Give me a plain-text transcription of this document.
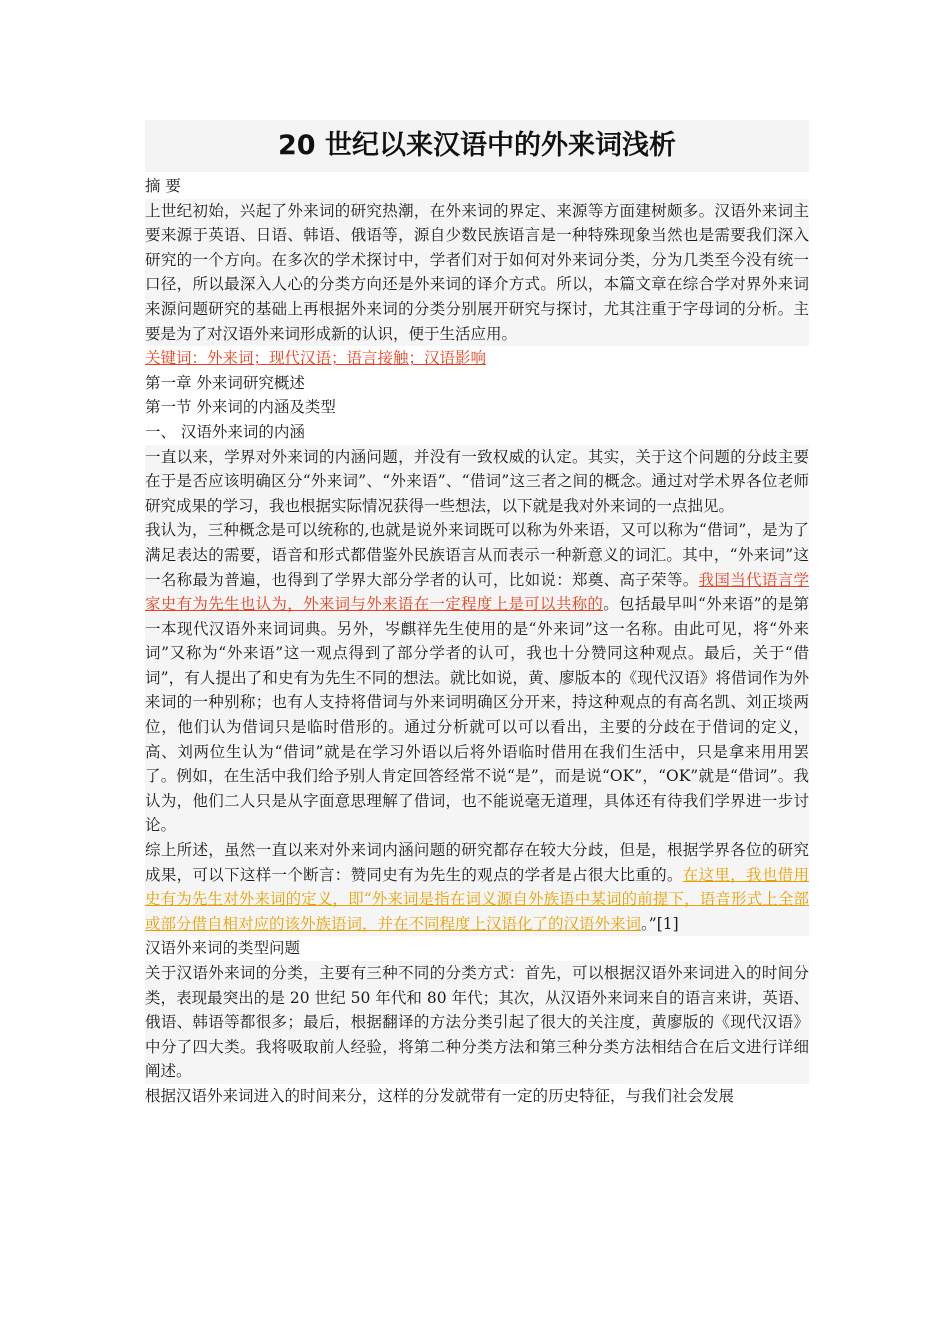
20 世纪以来汉语中的外来词浅析

摘 要

上世纪初始，兴起了外来词的研究热潮，在外来词的界定、来源等方面建树颇多。汉语外来词主要来源于英语、日语、韩语、俄语等，源自少数民族语言是一种特殊现象当然也是需要我们深入研究的一个方向。在多次的学术探讨中，学者们对于如何对外来词分类，分为几类至今没有统一口径，所以最深入人心的分类方向还是外来词的译介方式。所以，本篇文章在综合学对界外来词来源问题研究的基础上再根据外来词的分类分别展开研究与探讨，尤其注重于字母词的分析。主要是为了对汉语外来词形成新的认识，便于生活应用。

关键词：外来词；现代汉语；语言接触；汉语影响

第一章 外来词研究概述

第一节 外来词的内涵及类型

一、 汉语外来词的内涵

一直以来，学界对外来词的内涵问题，并没有一致权威的认定。其实，关于这个问题的分歧主要在于是否应该明确区分“外来词”、“外来语”、“借词”这三者之间的概念。通过对学术界各位老师研究成果的学习，我也根据实际情况获得一些想法，以下就是我对外来词的一点拙见。

我认为，三种概念是可以统称的,也就是说外来词既可以称为外来语，又可以称为“借词”，是为了满足表达的需要，语音和形式都借鉴外民族语言从而表示一种新意义的词汇。其中，“外来词”这一名称最为普遍，也得到了学界大部分学者的认可，比如说：郑奠、高子荣等。我国当代语言学家史有为先生也认为，外来词与外来语在一定程度上是可以共称的。包括最早叫“外来语”的是第一本现代汉语外来词词典。另外，岑麒祥先生使用的是“外来词”这一名称。由此可见，将“外来词”又称为“外来语”这一观点得到了部分学者的认可，我也十分赞同这种观点。最后，关于“借词”，有人提出了和史有为先生不同的想法。就比如说，黄、廖版本的《现代汉语》将借词作为外来词的一种别称；也有人支持将借词与外来词明确区分开来，持这种观点的有高名凯、刘正埮两位，他们认为借词只是临时借形的。通过分析就可以可以看出，主要的分歧在于借词的定义，高、刘两位生认为“借词”就是在学习外语以后将外语临时借用在我们生活中，只是拿来用用罢了。例如，在生活中我们给予别人肯定回答经常不说“是”，而是说“OK”，“OK”就是“借词”。我认为，他们二人只是从字面意思理解了借词，也不能说毫无道理，具体还有待我们学界进一步讨论。

综上所述，虽然一直以来对外来词内涵问题的研究都存在较大分歧，但是，根据学界各位的研究成果，可以下这样一个断言：赞同史有为先生的观点的学者是占很大比重的。在这里，我也借用史有为先生对外来词的定义，即“外来词是指在词义源自外族语中某词的前提下，语音形式上全部或部分借自相对应的该外族语词，并在不同程度上汉语化了的汉语外来词。”[1]

汉语外来词的类型问题

关于汉语外来词的分类，主要有三种不同的分类方式：首先，可以根据汉语外来词进入的时间分类，表现最突出的是 20 世纪 50 年代和 80 年代；其次，从汉语外来词来自的语言来讲，英语、俄语、韩语等都很多；最后，根据翻译的方法分类引起了很大的关注度，黄廖版的《现代汉语》中分了四大类。我将吸取前人经验，将第二种分类方法和第三种分类方法相结合在后文进行详细阐述。

根据汉语外来词进入的时间来分，这样的分发就带有一定的历史特征，与我们社会发展
